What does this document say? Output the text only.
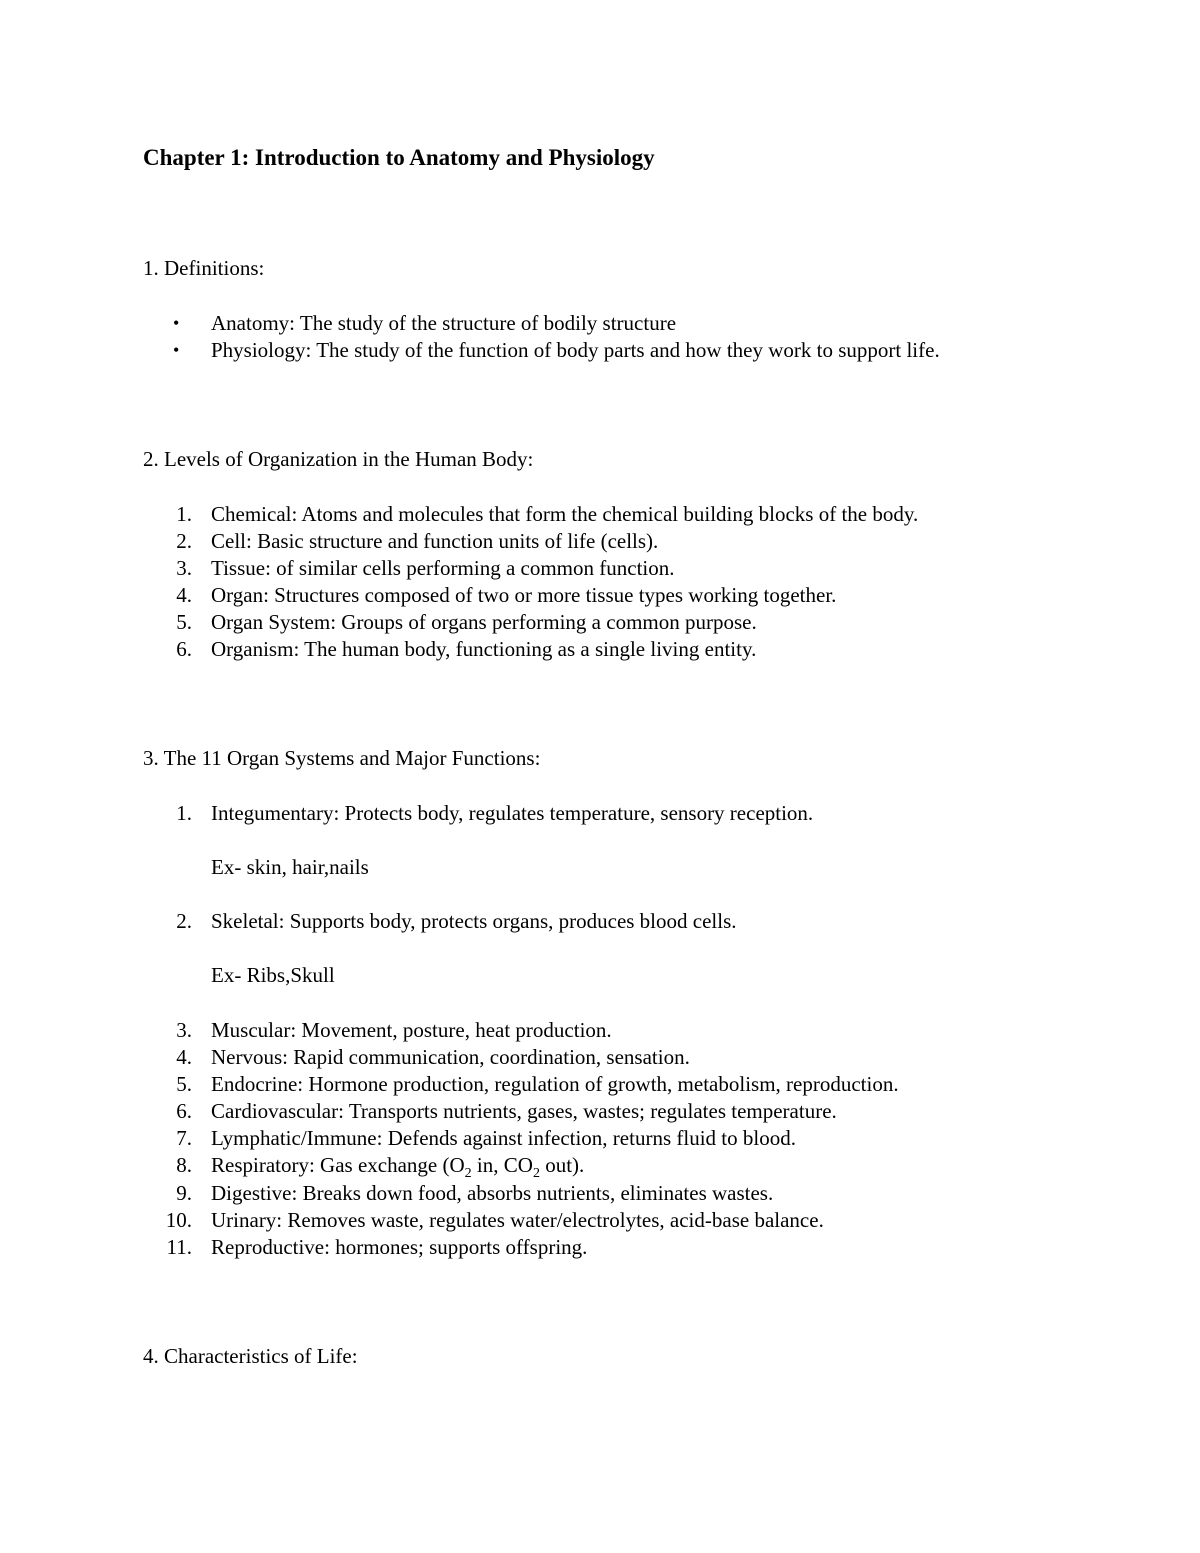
Chapter 1: Introduction to Anatomy and Physiology
1. Definitions:
• Anatomy: The study of the structure of bodily structure
• Physiology: The study of the function of body parts and how they work to support life.
2. Levels of Organization in the Human Body:
1. Chemical: Atoms and molecules that form the chemical building blocks of the body.
2. Cell: Basic structure and function units of life (cells).
3. Tissue: of similar cells performing a common function.
4. Organ: Structures composed of two or more tissue types working together.
5. Organ System: Groups of organs performing a common purpose.
6. Organism: The human body, functioning as a single living entity.
3. The 11 Organ Systems and Major Functions:
1. Integumentary: Protects body, regulates temperature, sensory reception.
Ex- skin, hair,nails
2. Skeletal: Supports body, protects organs, produces blood cells.
Ex- Ribs,Skull
3. Muscular: Movement, posture, heat production.
4. Nervous: Rapid communication, coordination, sensation.
5. Endocrine: Hormone production, regulation of growth, metabolism, reproduction.
6. Cardiovascular: Transports nutrients, gases, wastes; regulates temperature.
7. Lymphatic/Immune: Defends against infection, returns fluid to blood.
8. Respiratory: Gas exchange ($O_2$ in, $CO_2$ out).
9. Digestive: Breaks down food, absorbs nutrients, eliminates wastes.
10. Urinary: Removes waste, regulates water/electrolytes, acid-base balance.
11. Reproductive: hormones; supports offspring.
4. Characteristics of Life:
